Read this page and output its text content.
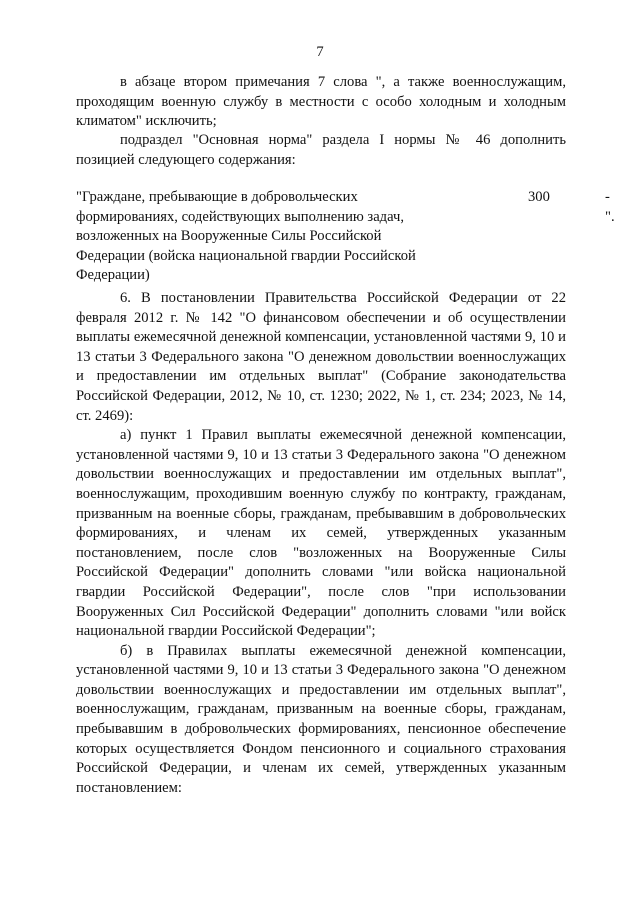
7

в абзаце втором примечания 7 слова ", а также военнослужащим, проходящим военную службу в местности с особо холодным и холодным климатом" исключить;

подраздел "Основная норма" раздела I нормы № 46 дополнить позицией следующего содержания:

"Граждане, пребывающие в добровольческих формированиях, содействующих выполнению задач, возложенных на Вооруженные Силы Российской Федерации (войска национальной гвардии Российской Федерации)

300	-".

6. В постановлении Правительства Российской Федерации от 22 февраля 2012 г. № 142 "О финансовом обеспечении и об осуществлении выплаты ежемесячной денежной компенсации, установленной частями 9, 10 и 13 статьи 3 Федерального закона "О денежном довольствии военнослужащих и предоставлении им отдельных выплат" (Собрание законодательства Российской Федерации, 2012, № 10, ст. 1230; 2022, № 1, ст. 234; 2023, № 14, ст. 2469):

а) пункт 1 Правил выплаты ежемесячной денежной компенсации, установленной частями 9, 10 и 13 статьи 3 Федерального закона "О денежном довольствии военнослужащих и предоставлении им отдельных выплат", военнослужащим, проходившим военную службу по контракту, гражданам, призванным на военные сборы, гражданам, пребывавшим в добровольческих формированиях, и членам их семей, утвержденных указанным постановлением, после слов "возложенных на Вооруженные Силы Российской Федерации" дополнить словами "или войска национальной гвардии Российской Федерации", после слов "при использовании Вооруженных Сил Российской Федерации" дополнить словами "или войск национальной гвардии Российской Федерации";

б) в Правилах выплаты ежемесячной денежной компенсации, установленной частями 9, 10 и 13 статьи 3 Федерального закона "О денежном довольствии военнослужащих и предоставлении им отдельных выплат", военнослужащим, гражданам, призванным на военные сборы, гражданам, пребывавшим в добровольческих формированиях, пенсионное обеспечение которых осуществляется Фондом пенсионного и социального страхования Российской Федерации, и членам их семей, утвержденных указанным постановлением:
